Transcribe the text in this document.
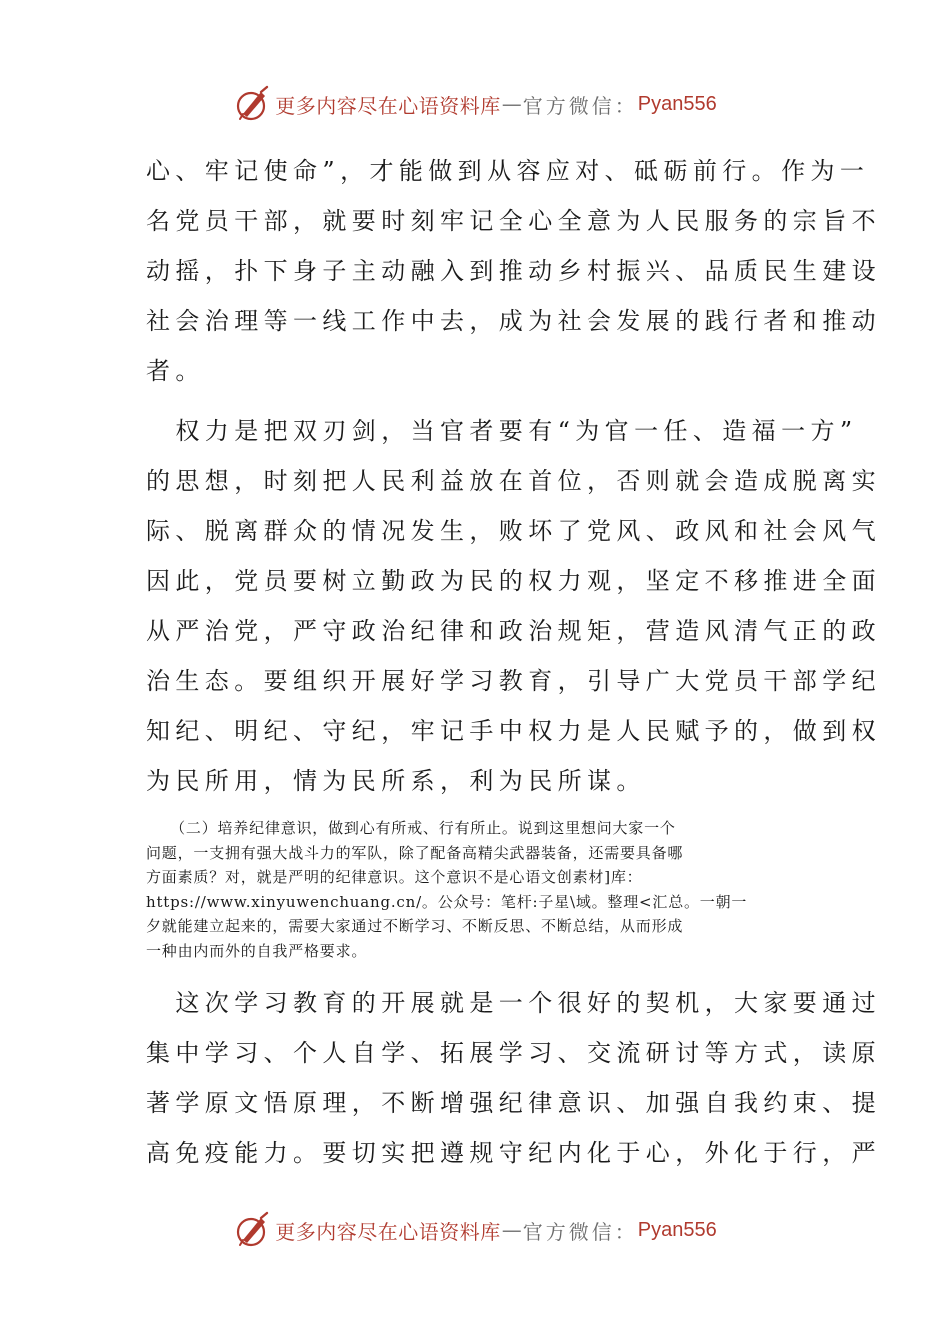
更多内容尽在心语资料库 — 官方微信： Pyan556

心、牢记使命”，才能做到从容应对、砥砺前行。作为一
名党员干部，就要时刻牢记全心全意为人民服务的宗旨不
动摇，扑下身子主动融入到推动乡村振兴、品质民生建设
社会治理等一线工作中去，成为社会发展的践行者和推动
者。

　权力是把双刃剑，当官者要有“为官一任、造福一方”
的思想，时刻把人民利益放在首位，否则就会造成脱离实
际、脱离群众的情况发生，败坏了党风、政风和社会风气
因此，党员要树立勤政为民的权力观，坚定不移推进全面
从严治党，严守政治纪律和政治规矩，营造风清气正的政
治生态。要组织开展好学习教育，引导广大党员干部学纪
知纪、明纪、守纪，牢记手中权力是人民赋予的，做到权
为民所用，情为民所系，利为民所谋。

　　（二）培养纪律意识，做到心有所戒、行有所止。说到这里想问大家一个
问题，一支拥有强大战斗力的军队，除了配备高精尖武器装备，还需要具备哪
方面素质？对，就是严明的纪律意识。这个意识不是心语文创素材]库：
https://www.xinyuwenchuang.cn/。公众号：笔杆:子星\域。整理<汇总。一朝一
夕就能建立起来的，需要大家通过不断学习、不断反思、不断总结，从而形成
一种由内而外的自我严格要求。

　这次学习教育的开展就是一个很好的契机，大家要通过
集中学习、个人自学、拓展学习、交流研讨等方式，读原
著学原文悟原理，不断增强纪律意识、加强自我约束、提
高免疫能力。要切实把遵规守纪内化于心，外化于行，严

更多内容尽在心语资料库 — 官方微信： Pyan556
